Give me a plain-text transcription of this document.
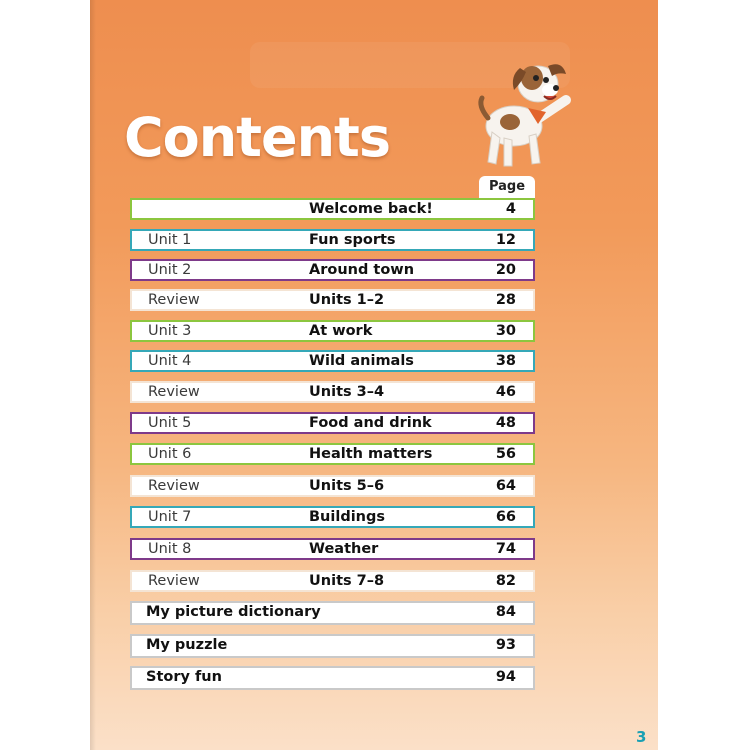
Contents
Page
Welcome back!	4
Unit 1	Fun sports	12
Unit 2	Around town	20
Review	Units 1–2	28
Unit 3	At work	30
Unit 4	Wild animals	38
Review	Units 3–4	46
Unit 5	Food and drink	48
Unit 6	Health matters	56
Review	Units 5–6	64
Unit 7	Buildings	66
Unit 8	Weather	74
Review	Units 7–8	82
My picture dictionary	84
My puzzle	93
Story fun	94
3
